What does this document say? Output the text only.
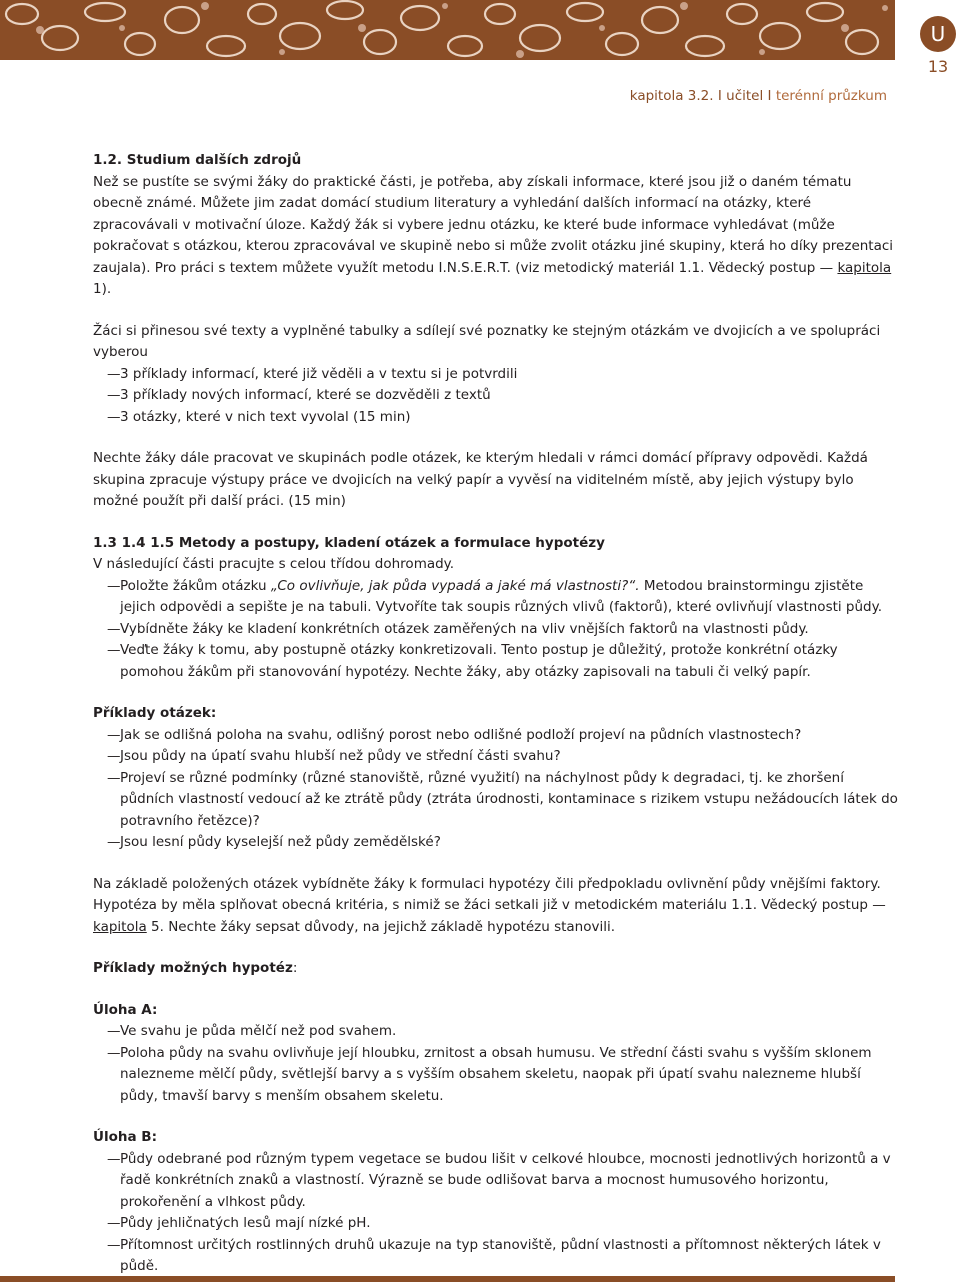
U
13
kapitola 3.2. I učitel I terénní průzkum

1.2. Studium dalších zdrojů

Než se pustíte se svými žáky do praktické části, je potřeba, aby získali informace, které jsou již o daném tématu obecně známé. Můžete jim zadat domácí studium literatury a vyhledání dalších informací na otázky, které zpracovávali v motivační úloze. Každý žák si vybere jednu otázku, ke které bude informace vyhledávat (může pokračovat s otázkou, kterou zpracovával ve skupině nebo si může zvolit otázku jiné skupiny, která ho díky prezentaci zaujala). Pro práci s textem můžete využít metodu I.N.S.E.R.T. (viz metodický materiál 1.1. Vědecký postup — kapitola 1).

Žáci si přinesou své texty a vyplněné tabulky a sdílejí své poznatky ke stejným otázkám ve dvojicích a ve spolupráci vyberou

— 3 příklady informací, které již věděli a v textu si je potvrdili
— 3 příklady nových informací, které se dozvěděli z textů
— 3 otázky, které v nich text vyvolal (15 min)

Nechte žáky dále pracovat ve skupinách podle otázek, ke kterým hledali v rámci domácí přípravy odpovědi. Každá skupina zpracuje výstupy práce ve dvojicích na velký papír a vyvěsí na viditelném místě, aby jejich výstupy bylo možné použít při další práci. (15 min)

1.3 1.4 1.5 Metody a postupy, kladení otázek a formulace hypotézy

V následující části pracujte s celou třídou dohromady.

— Položte žákům otázku „Co ovlivňuje, jak půda vypadá a jaké má vlastnosti?“. Metodou brainstormingu zjistěte jejich odpovědi a sepište je na tabuli. Vytvoříte tak soupis různých vlivů (faktorů), které ovlivňují vlastnosti půdy.
— Vybídněte žáky ke kladení konkrétních otázek zaměřených na vliv vnějších faktorů na vlastnosti půdy.
— Veďte žáky k tomu, aby postupně otázky konkretizovali. Tento postup je důležitý, protože konkrétní otázky pomohou žákům při stanovování hypotézy. Nechte žáky, aby otázky zapisovali na tabuli či velký papír.

Příklady otázek:

— Jak se odlišná poloha na svahu, odlišný porost nebo odlišné podloží projeví na půdních vlastnostech?
— Jsou půdy na úpatí svahu hlubší než půdy ve střední části svahu?
— Projeví se různé podmínky (různé stanoviště, různé využití) na náchylnost půdy k degradaci, tj. ke zhoršení půdních vlastností vedoucí až ke ztrátě půdy (ztráta úrodnosti, kontaminace s rizikem vstupu nežádoucích látek do potravního řetězce)?
— Jsou lesní půdy kyselejší než půdy zemědělské?

Na základě položených otázek vybídněte žáky k formulaci hypotézy čili předpokladu ovlivnění půdy vnějšími faktory. Hypotéza by měla splňovat obecná kritéria, s nimiž se žáci setkali již v metodickém materiálu 1.1. Vědecký postup — kapitola 5. Nechte žáky sepsat důvody, na jejichž základě hypotézu stanovili.

Příklady možných hypotéz:

Úloha A:

— Ve svahu je půda mělčí než pod svahem.
— Poloha půdy na svahu ovlivňuje její hloubku, zrnitost a obsah humusu. Ve střední části svahu s vyšším sklonem nalezneme mělčí půdy, světlejší barvy a s vyšším obsahem skeletu, naopak při úpatí svahu nalezneme hlubší půdy, tmavší barvy s menším obsahem skeletu.

Úloha B:

— Půdy odebrané pod různým typem vegetace se budou lišit v celkové hloubce, mocnosti jednotlivých horizontů a v řadě konkrétních znaků a vlastností. Výrazně se bude odlišovat barva a mocnost humusového horizontu, prokořenění a vlhkost půdy.
— Půdy jehličnatých lesů mají nízké pH.
— Přítomnost určitých rostlinných druhů ukazuje na typ stanoviště, půdní vlastnosti a přítomnost některých látek v půdě.
